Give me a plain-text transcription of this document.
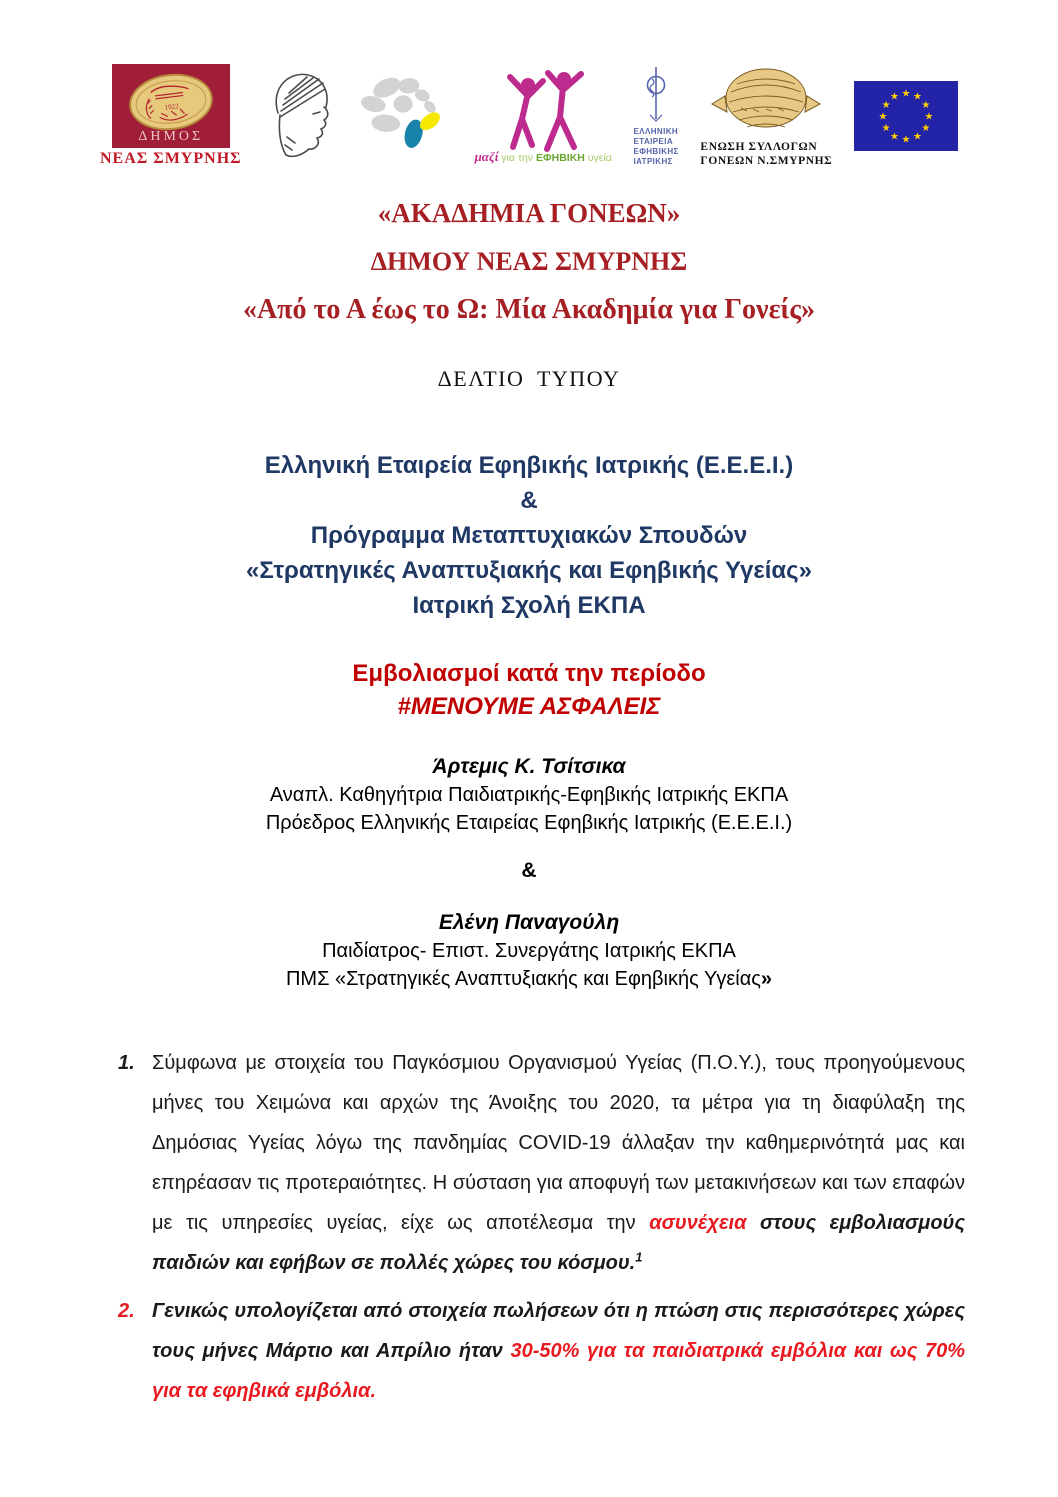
1922
ΔΗΜΟΣ
ΝΕΑΣ ΣΜΥΡΝΗΣ	μαζί για την ΕΦΗΒΙΚΗ υγεία
ΕΛΛΗΝΙΚΗ
ΕΤΑΙΡΕΙΑ
ΕΦΗΒΙΚΗΣ
ΙΑΤΡΙΚΗΣ
ΕΝΩΣΗ ΣΥΛΛΟΓΩΝ
ΓΟΝΕΩΝ Ν.ΣΜΥΡΝΗΣ
★ ★
★
★
★
★
★
★
★
★
★
★
«ΑΚΑΔΗΜΙΑ ΓΟΝΕΩΝ»
ΔΗΜΟΥ ΝΕΑΣ ΣΜΥΡΝΗΣ
«Από το Α έως το Ω: Μία Ακαδημία για Γονείς»
ΔΕΛΤΙΟ ΤΥΠΟΥ
Ελληνική Εταιρεία Εφηβικής Ιατρικής (Ε.Ε.Ε.Ι.)
&
Πρόγραμμα Μεταπτυχιακών Σπουδών
«Στρατηγικές Αναπτυξιακής και Εφηβικής Υγείας»
Ιατρική Σχολή ΕΚΠΑ
Εμβολιασμοί κατά την περίοδο
#ΜΕΝΟΥΜΕ ΑΣΦΑΛΕΙΣ
Άρτεμις Κ. Τσίτσικα
Αναπλ. Καθηγήτρια Παιδιατρικής-Εφηβικής Ιατρικής ΕΚΠΑ
Πρόεδρος Ελληνικής Εταιρείας Εφηβικής Ιατρικής (Ε.Ε.Ε.Ι.)
&
Ελένη Παναγούλη
Παιδίατρος- Επιστ. Συνεργάτης Ιατρικής ΕΚΠΑ
ΠΜΣ «Στρατηγικές Αναπτυξιακής και Εφηβικής Υγείας»
1. Σύμφωνα με στοιχεία του Παγκόσμιου Οργανισμού Υγείας (Π.Ο.Υ.), τους προηγούμενους μήνες του Χειμώνα και αρχών της Άνοιξης του 2020, τα μέτρα για τη διαφύλαξη της Δημόσιας Υγείας λόγω της πανδημίας COVID-19 άλλαξαν την καθημερινότητά μας και επηρέασαν τις προτεραιότητες. Η σύσταση για αποφυγή των μετακινήσεων και των επαφών με τις υπηρεσίες υγείας, είχε ως αποτέλεσμα την ασυνέχεια στους εμβολιασμούς παιδιών και εφήβων σε πολλές χώρες του κόσμου.$^1$
2. Γενικώς υπολογίζεται από στοιχεία πωλήσεων ότι η πτώση στις περισσότερες χώρες τους μήνες Μάρτιο και Απρίλιο ήταν 30-50% για τα παιδιατρικά εμβόλια και ως 70% για τα εφηβικά εμβόλια.
